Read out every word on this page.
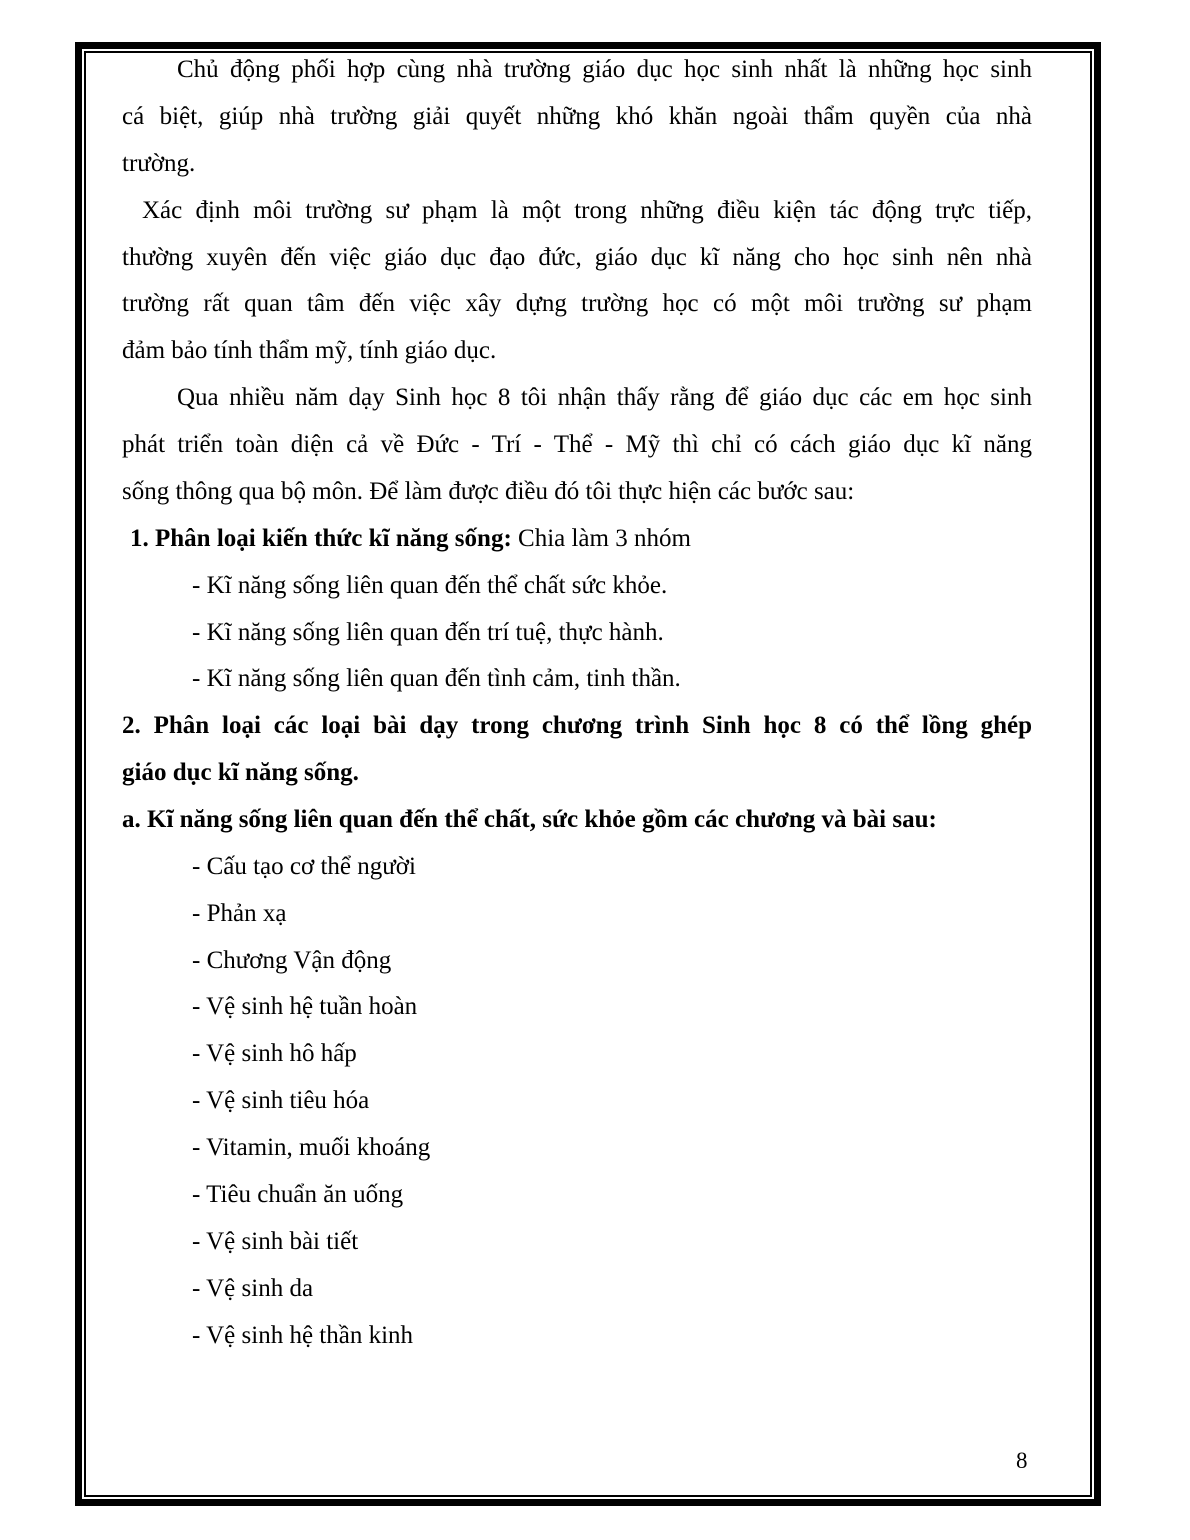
Chủ động phối hợp cùng nhà trường giáo dục học sinh nhất là những học sinh
cá biệt, giúp nhà trường giải quyết những khó khăn ngoài thẩm quyền của nhà
trường.
Xác định môi trường sư phạm là một trong những điều kiện tác động trực tiếp,
thường xuyên đến việc giáo dục đạo đức, giáo dục kĩ năng cho học sinh nên nhà
trường rất quan tâm đến việc xây dựng trường học có một môi trường sư phạm
đảm bảo tính thẩm mỹ, tính giáo dục.
Qua nhiều năm dạy Sinh học 8 tôi nhận thấy rằng để giáo dục các em học sinh
phát triển toàn diện cả về Đức - Trí - Thể - Mỹ thì chỉ có cách giáo dục kĩ năng
sống thông qua bộ môn. Để làm được điều đó tôi thực hiện các bước sau:
1. Phân loại kiến thức kĩ năng sống: Chia làm 3 nhóm
- Kĩ năng sống liên quan đến thể chất sức khỏe.
- Kĩ năng sống liên quan đến trí tuệ, thực hành.
- Kĩ năng sống liên quan đến tình cảm, tinh thần.
2. Phân loại các loại bài dạy trong chương trình Sinh học 8 có thể lồng ghép
giáo dục kĩ năng sống.
a. Kĩ năng sống liên quan đến thể chất, sức khỏe gồm các chương và bài sau:
- Cấu tạo cơ thể người
- Phản xạ
- Chương Vận động
- Vệ sinh hệ tuần hoàn
- Vệ sinh hô hấp
- Vệ sinh tiêu hóa
- Vitamin, muối khoáng
- Tiêu chuẩn ăn uống
- Vệ sinh bài tiết
- Vệ sinh da
- Vệ sinh hệ thần kinh
8
